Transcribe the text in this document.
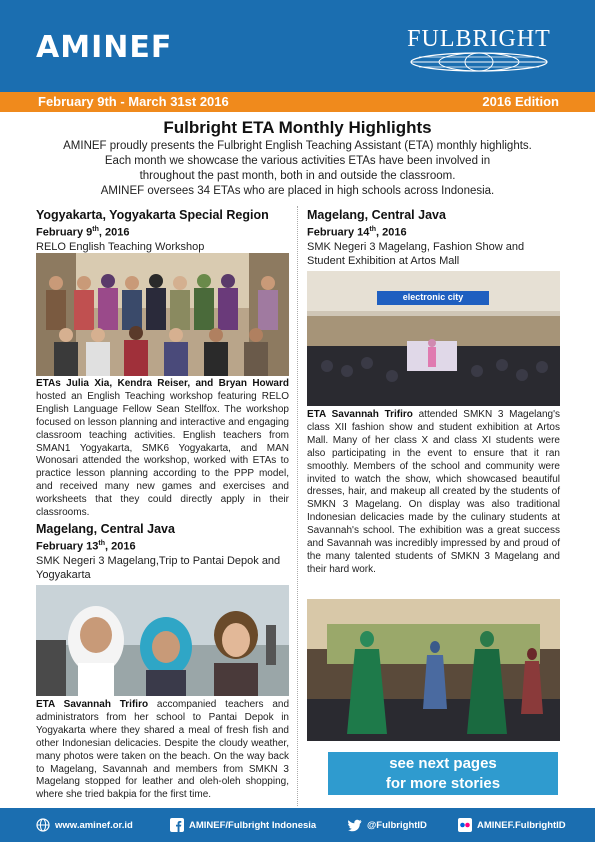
AMINEF	FULBRIGHT
February 9th - March 31st 2016	2016 Edition
Fulbright ETA Monthly Highlights
AMINEF proudly presents the Fulbright English Teaching Assistant (ETA) monthly highlights.
Each month we showcase the various activities ETAs have been involved in
throughout the past month, both in and outside the classroom.
AMINEF oversees 34 ETAs who are placed in high schools across Indonesia.
Yogyakarta, Yogyakarta Special Region
February 9th, 2016
RELO English Teaching Workshop
ETAs Julia Xia, Kendra Reiser, and Bryan Howard hosted an English Teaching workshop featuring RELO English Language Fellow Sean Stellfox. The workshop focused on lesson planning and interactive and engaging classroom teaching activities. English teachers from SMAN1 Yogyakarta, SMK6 Yogyakarta, and MAN Wonosari attended the workshop, worked with ETAs to practice lesson planning according to the PPP model, and received many new games and exercises and worksheets that they could directly apply in their classrooms.
Magelang, Central Java
February 13th, 2016
SMK Negeri 3 Magelang,Trip to Pantai Depok and Yogyakarta
ETA Savannah Trifiro accompanied teachers and administrators from her school to Pantai Depok in Yogyakarta where they shared a meal of fresh fish and other Indonesian delicacies. Despite the cloudy weather, many photos were taken on the beach. On the way back to Magelang, Savannah and members from SMKN 3 Magelang stopped for leather and oleh-oleh shopping, where she tried bakpia for the first time.
Magelang, Central Java
February 14th, 2016
SMK Negeri 3 Magelang, Fashion Show and Student Exhibition at Artos Mall
electronic city
ETA Savannah Trifiro attended SMKN 3 Magelang's class XII fashion show and student exhibition at Artos Mall. Many of her class X and class XI students were also participating in the event to ensure that it ran smoothly. Members of the school and community were invited to watch the show, which showcased beautiful dresses, hair, and makeup all created by the students of SMKN 3 Magelang. On display was also traditional Indonesian delicacies made by the culinary students at Savannah's school. The exhibition was a great success and Savannah was incredibly impressed by and proud of the many talented students of SMKN 3 Magelang and their hard work.
see next pages
for more stories
www.aminef.or.id	AMINEF/Fulbright Indonesia	@FulbrightID	AMINEF.FulbrightID
